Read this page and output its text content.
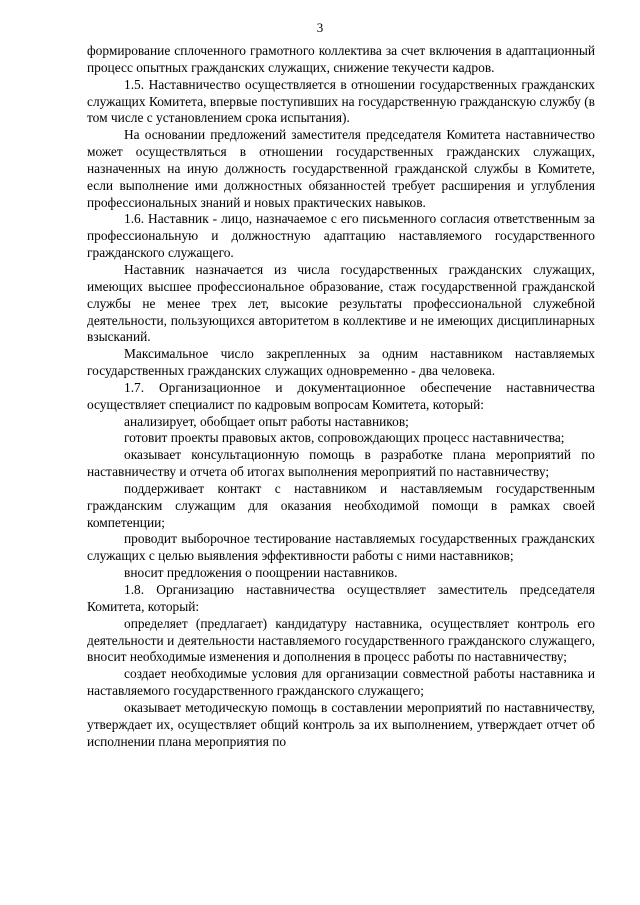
3

формирование сплоченного грамотного коллектива за счет включения в адаптационный процесс опытных гражданских служащих, снижение текучести кадров.

1.5. Наставничество осуществляется в отношении государственных гражданских служащих Комитета, впервые поступивших на государственную гражданскую службу (в том числе с установлением срока испытания).

На основании предложений заместителя председателя Комитета наставничество может осуществляться в отношении государственных гражданских служащих, назначенных на иную должность государственной гражданской службы в Комитете, если выполнение ими должностных обязанностей требует расширения и углубления профессиональных знаний и новых практических навыков.

1.6. Наставник - лицо, назначаемое с его письменного согласия ответственным за профессиональную и должностную адаптацию наставляемого государственного гражданского служащего.

Наставник назначается из числа государственных гражданских служащих, имеющих высшее профессиональное образование, стаж государственной гражданской службы не менее трех лет, высокие результаты профессиональной служебной деятельности, пользующихся авторитетом в коллективе и не имеющих дисциплинарных взысканий.

Максимальное число закрепленных за одним наставником наставляемых государственных гражданских служащих одновременно - два человека.

1.7. Организационное и документационное обеспечение наставничества осуществляет специалист по кадровым вопросам Комитета, который:

анализирует, обобщает опыт работы наставников;

готовит проекты правовых актов, сопровождающих процесс наставничества;

оказывает консультационную помощь в разработке плана мероприятий по наставничеству и отчета об итогах выполнения мероприятий по наставничеству;

поддерживает контакт с наставником и наставляемым государственным гражданским служащим для оказания необходимой помощи в рамках своей компетенции;

проводит выборочное тестирование наставляемых государственных гражданских служащих с целью выявления эффективности работы с ними наставников;

вносит предложения о поощрении наставников.

1.8. Организацию наставничества осуществляет заместитель председателя Комитета, который:

определяет (предлагает) кандидатуру наставника, осуществляет контроль его деятельности и деятельности наставляемого государственного гражданского служащего, вносит необходимые изменения и дополнения в процесс работы по наставничеству;

создает необходимые условия для организации совместной работы наставника и наставляемого государственного гражданского служащего;

оказывает методическую помощь в составлении мероприятий по наставничеству, утверждает их, осуществляет общий контроль за их выполнением, утверждает отчет об исполнении плана мероприятия по
